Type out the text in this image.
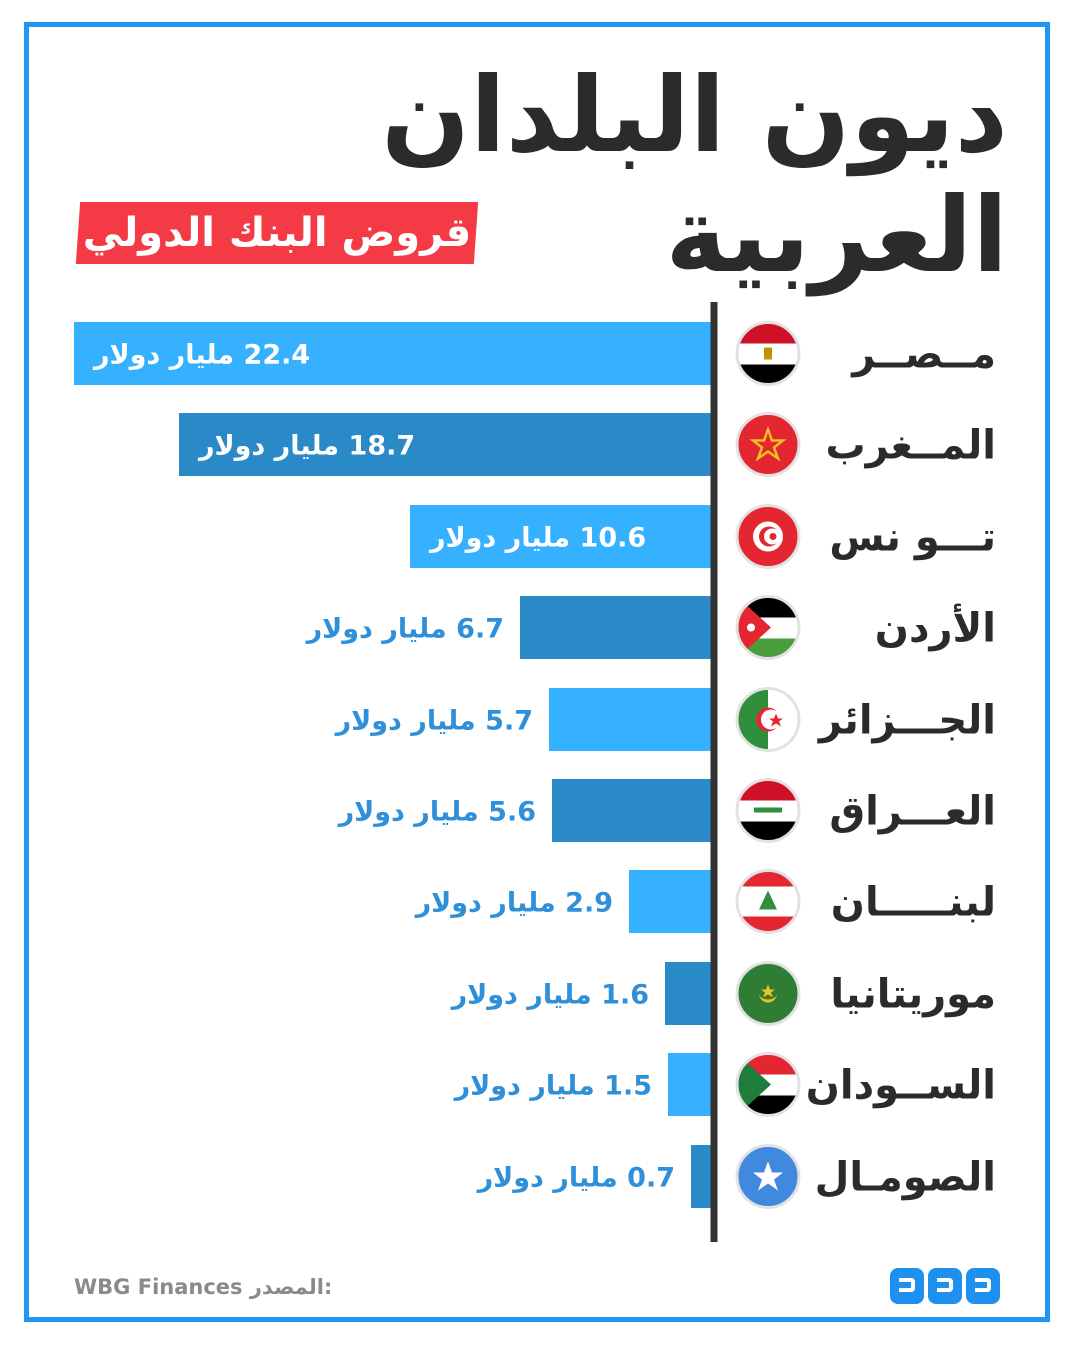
ديون البلدان العربية
قروض البنك الدولي
22.4 مليار دولار
18.7 مليار دولار
10.6 مليار دولار
6.7 مليار دولار
5.7 مليار دولار
5.6 مليار دولار
2.9 مليار دولار
1.6 مليار دولار
1.5 مليار دولار
0.7 مليار دولار
مــصــر
المــغرب
تـــو نس
الأردن
الجـــزائر
العـــراق
لبنـــــان
موريتانيا
الســودان
الصومـال
WBG Finances المصدر:
